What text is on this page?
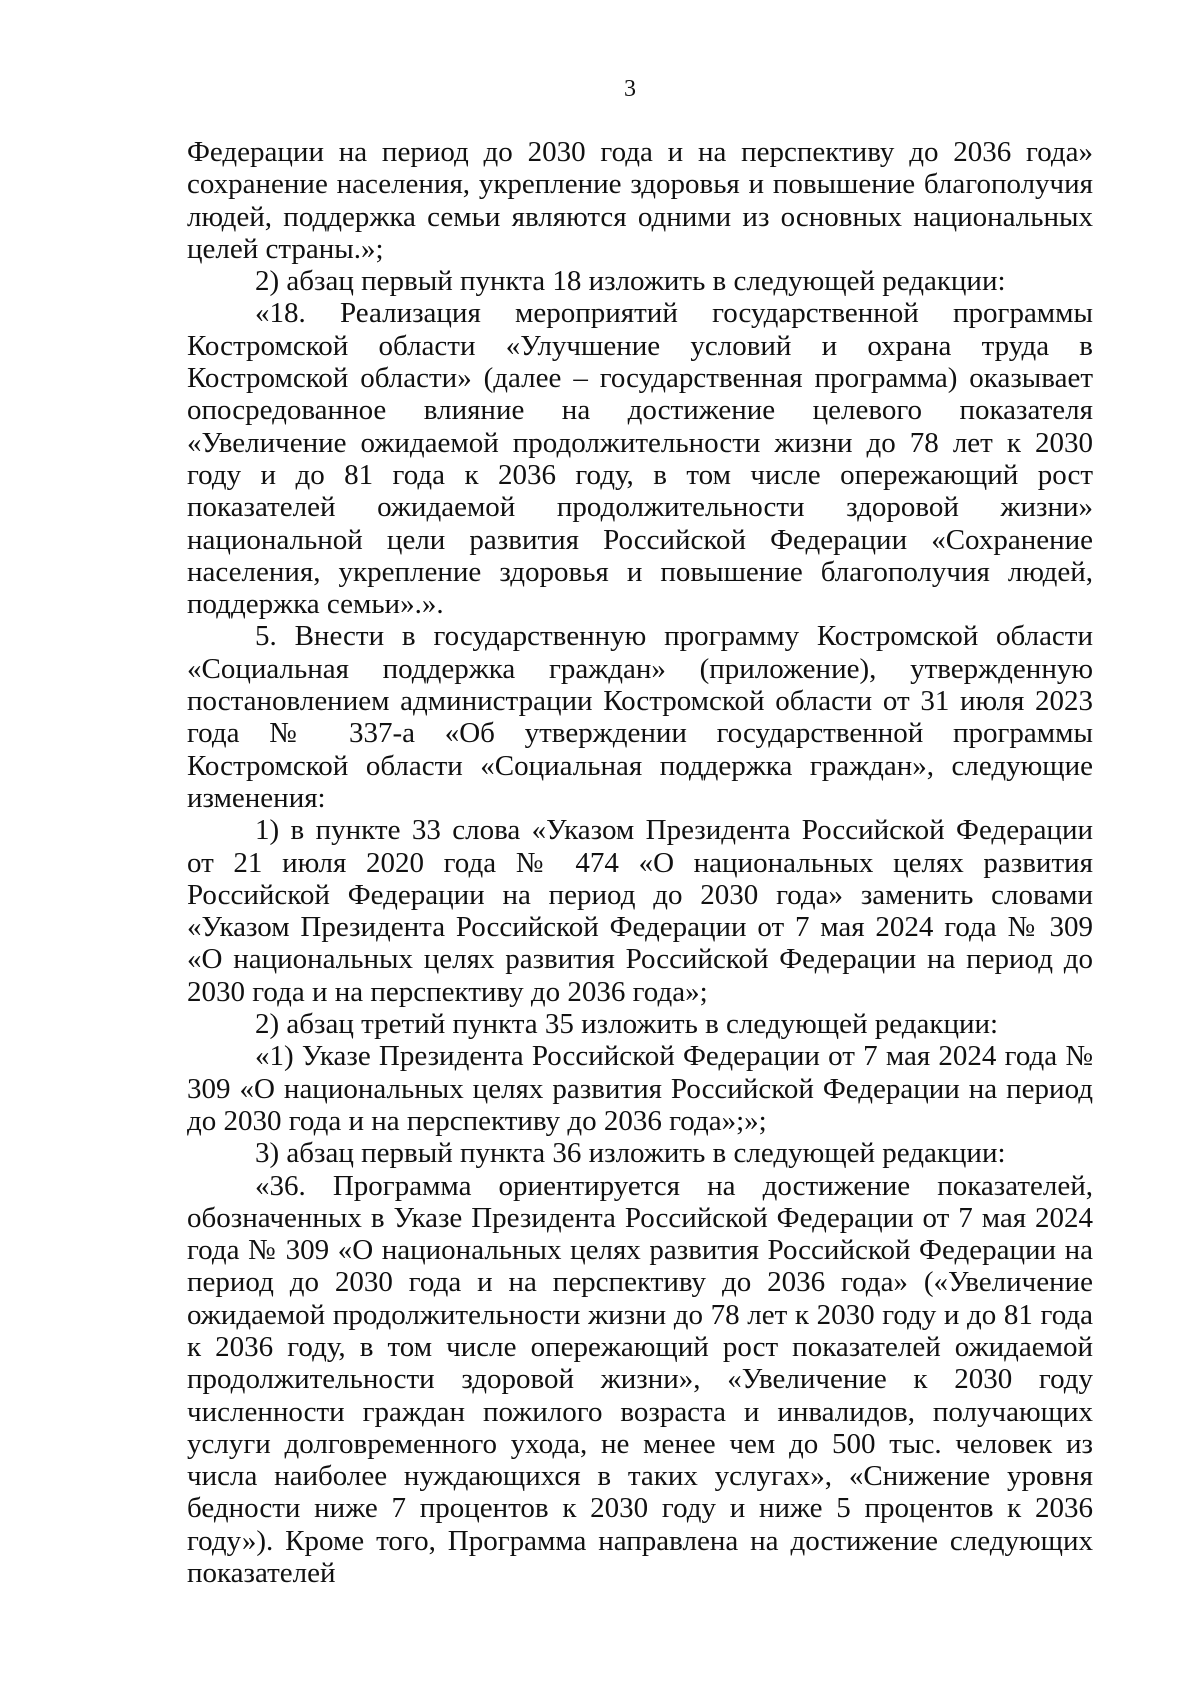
3

Федерации на период до 2030 года и на перспективу до 2036 года» сохранение населения, укрепление здоровья и повышение благополучия людей, поддержка семьи являются одними из основных национальных целей страны.»;

2) абзац первый пункта 18 изложить в следующей редакции:

«18. Реализация мероприятий государственной программы Костромской области «Улучшение условий и охрана труда в Костромской области» (далее – государственная программа) оказывает опосредованное влияние на достижение целевого показателя «Увеличение ожидаемой продолжительности жизни до 78 лет к 2030 году и до 81 года к 2036 году, в том числе опережающий рост показателей ожидаемой продолжительности здоровой жизни» национальной цели развития Российской Федерации «Сохранение населения, укрепление здоровья и повышение благополучия людей, поддержка семьи».».

5. Внести в государственную программу Костромской области «Социальная поддержка граждан» (приложение), утвержденную постановлением администрации Костромской области от 31 июля 2023 года № 337-а «Об утверждении государственной программы Костромской области «Социальная поддержка граждан», следующие изменения:

1) в пункте 33 слова «Указом Президента Российской Федерации от 21 июля 2020 года № 474 «О национальных целях развития Российской Федерации на период до 2030 года» заменить словами «Указом Президента Российской Федерации от 7 мая 2024 года № 309 «О национальных целях развития Российской Федерации на период до 2030 года и на перспективу до 2036 года»;

2) абзац третий пункта 35 изложить в следующей редакции:

«1) Указе Президента Российской Федерации от 7 мая 2024 года № 309 «О национальных целях развития Российской Федерации на период до 2030 года и на перспективу до 2036 года»;»;

3) абзац первый пункта 36 изложить в следующей редакции:

«36. Программа ориентируется на достижение показателей, обозначенных в Указе Президента Российской Федерации от 7 мая 2024 года № 309 «О национальных целях развития Российской Федерации на период до 2030 года и на перспективу до 2036 года» («Увеличение ожидаемой продолжительности жизни до 78 лет к 2030 году и до 81 года к 2036 году, в том числе опережающий рост показателей ожидаемой продолжительности здоровой жизни», «Увеличение к 2030 году численности граждан пожилого возраста и инвалидов, получающих услуги долговременного ухода, не менее чем до 500 тыс. человек из числа наиболее нуждающихся в таких услугах», «Снижение уровня бедности ниже 7 процентов к 2030 году и ниже 5 процентов к 2036 году»). Кроме того, Программа направлена на достижение следующих показателей
